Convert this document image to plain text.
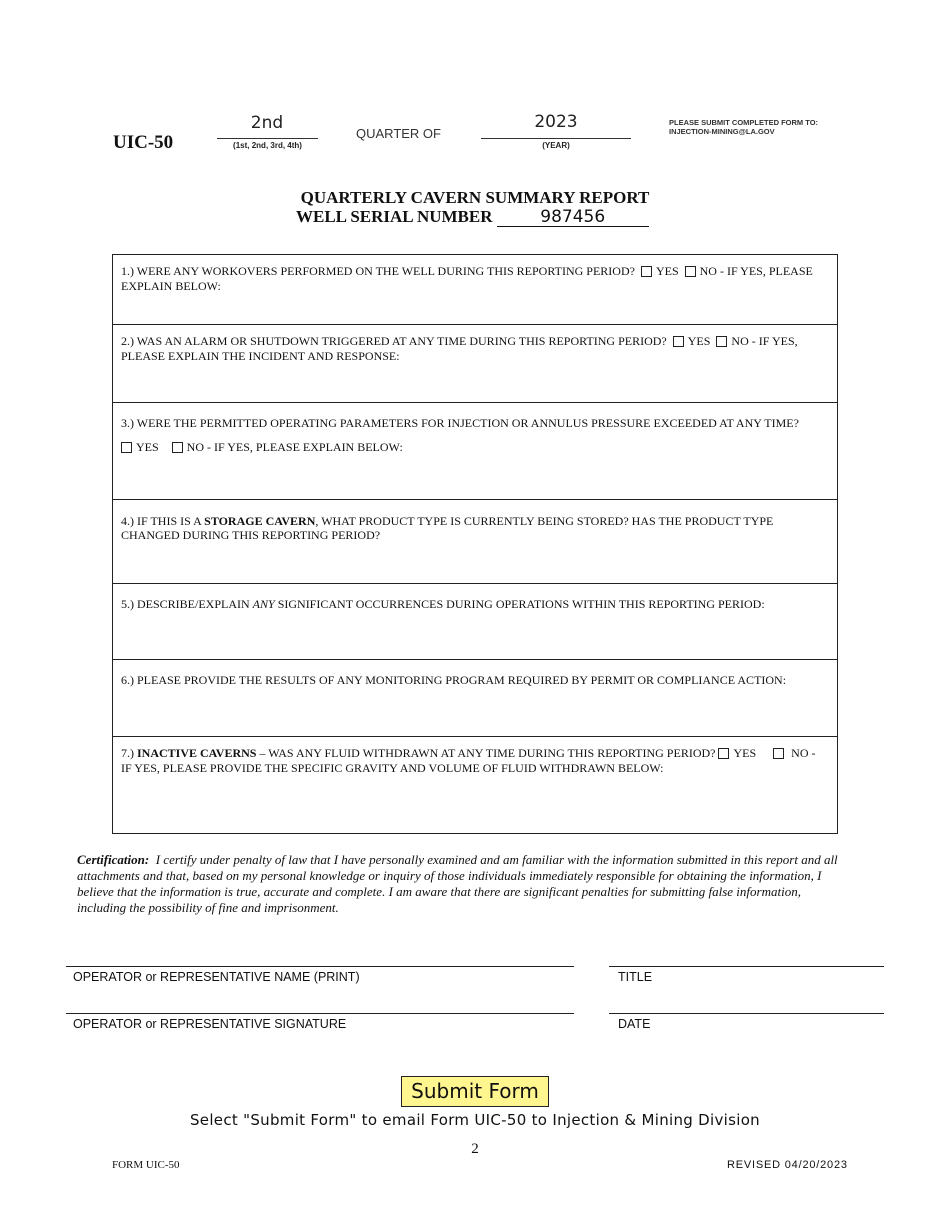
UIC-50
2nd	(1st, 2nd, 3rd, 4th)
QUARTER OF
2023
(YEAR)
PLEASE SUBMIT COMPLETED FORM TO:
INJECTION-MINING@LA.GOV
QUARTERLY CAVERN SUMMARY REPORT
WELL SERIAL NUMBER	987456
1.) WERE ANY WORKOVERS PERFORMED ON THE WELL DURING THIS REPORTING PERIOD? YES NO - IF YES, PLEASE EXPLAIN BELOW:
2.) WAS AN ALARM OR SHUTDOWN TRIGGERED AT ANY TIME DURING THIS REPORTING PERIOD? YES NO - IF YES, PLEASE EXPLAIN THE INCIDENT AND RESPONSE:

3.) WERE THE PERMITTED OPERATING PARAMETERS FOR INJECTION OR ANNULUS PRESSURE EXCEEDED AT ANY TIME?
YES NO - IF YES, PLEASE EXPLAIN BELOW:

4.) IF THIS IS A STORAGE CAVERN, WHAT PRODUCT TYPE IS CURRENTLY BEING STORED? HAS THE PRODUCT TYPE CHANGED DURING THIS REPORTING PERIOD?
5.) DESCRIBE/EXPLAIN ANY SIGNIFICANT OCCURRENCES DURING OPERATIONS WITHIN THIS REPORTING PERIOD:
6.) PLEASE PROVIDE THE RESULTS OF ANY MONITORING PROGRAM REQUIRED BY PERMIT OR COMPLIANCE ACTION:
7.) INACTIVE CAVERNS – WAS ANY FLUID WITHDRAWN AT ANY TIME DURING THIS REPORTING PERIOD? YES	NO - IF YES, PLEASE PROVIDE THE SPECIFIC GRAVITY AND VOLUME OF FLUID WITHDRAWN BELOW:
Certification: I certify under penalty of law that I have personally examined and am familiar with the information submitted in this report and all attachments and that, based on my personal knowledge or inquiry of those individuals immediately responsible for obtaining the information, I believe that the information is true, accurate and complete. I am aware that there are significant penalties for submitting false information, including the possibility of fine and imprisonment.
OPERATOR or REPRESENTATIVE NAME (PRINT)	TITLE
OPERATOR or REPRESENTATIVE SIGNATURE	DATE
Submit Form
Select "Submit Form" to email Form UIC-50 to Injection & Mining Division
2
FORM UIC-50	REVISED 04/20/2023
